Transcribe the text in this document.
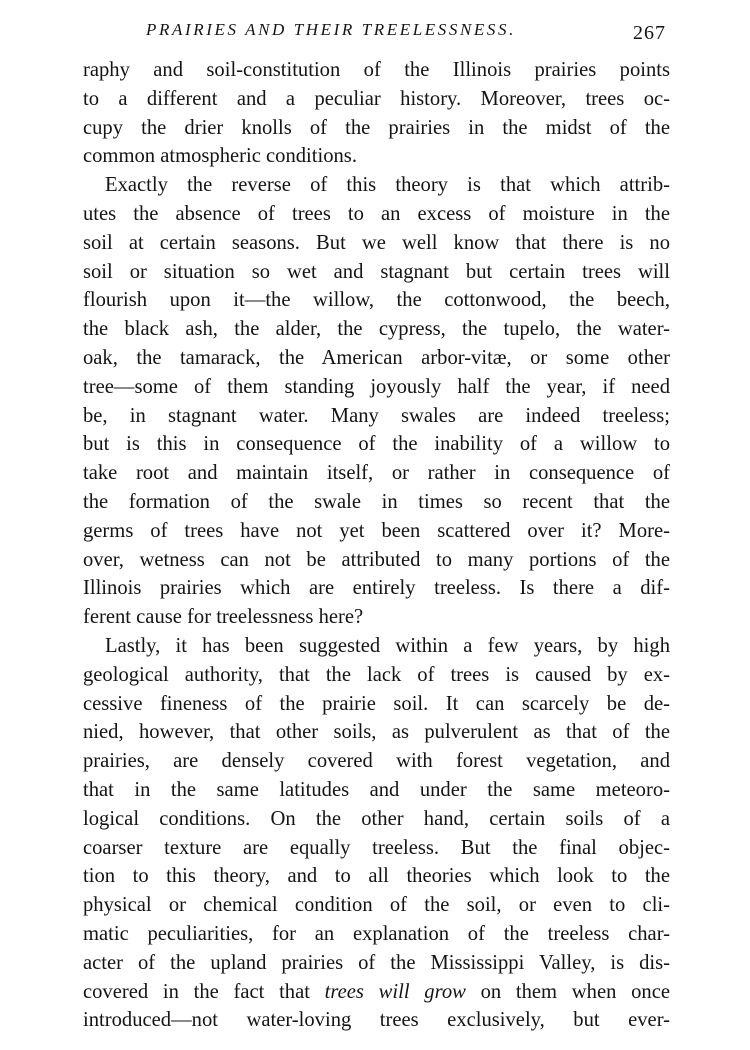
PRAIRIES AND THEIR TREELESSNESS.	267
raphy and soil-constitution of the Illinois prairies points
to a different and a peculiar history. Moreover, trees oc-
cupy the drier knolls of the prairies in the midst of the
common atmospheric conditions.
Exactly the reverse of this theory is that which attrib-
utes the absence of trees to an excess of moisture in the
soil at certain seasons. But we well know that there is no
soil or situation so wet and stagnant but certain trees will
flourish upon it—the willow, the cottonwood, the beech,
the black ash, the alder, the cypress, the tupelo, the water-
oak, the tamarack, the American arbor-vitæ, or some other
tree—some of them standing joyously half the year, if need
be, in stagnant water. Many swales are indeed treeless;
but is this in consequence of the inability of a willow to
take root and maintain itself, or rather in consequence of
the formation of the swale in times so recent that the
germs of trees have not yet been scattered over it? More-
over, wetness can not be attributed to many portions of the
Illinois prairies which are entirely treeless. Is there a dif-
ferent cause for treelessness here?
Lastly, it has been suggested within a few years, by high
geological authority, that the lack of trees is caused by ex-
cessive fineness of the prairie soil. It can scarcely be de-
nied, however, that other soils, as pulverulent as that of the
prairies, are densely covered with forest vegetation, and
that in the same latitudes and under the same meteoro-
logical conditions. On the other hand, certain soils of a
coarser texture are equally treeless. But the final objec-
tion to this theory, and to all theories which look to the
physical or chemical condition of the soil, or even to cli-
matic peculiarities, for an explanation of the treeless char-
acter of the upland prairies of the Mississippi Valley, is dis-
covered in the fact that trees will grow on them when once
introduced—not water-loving trees exclusively, but ever-
